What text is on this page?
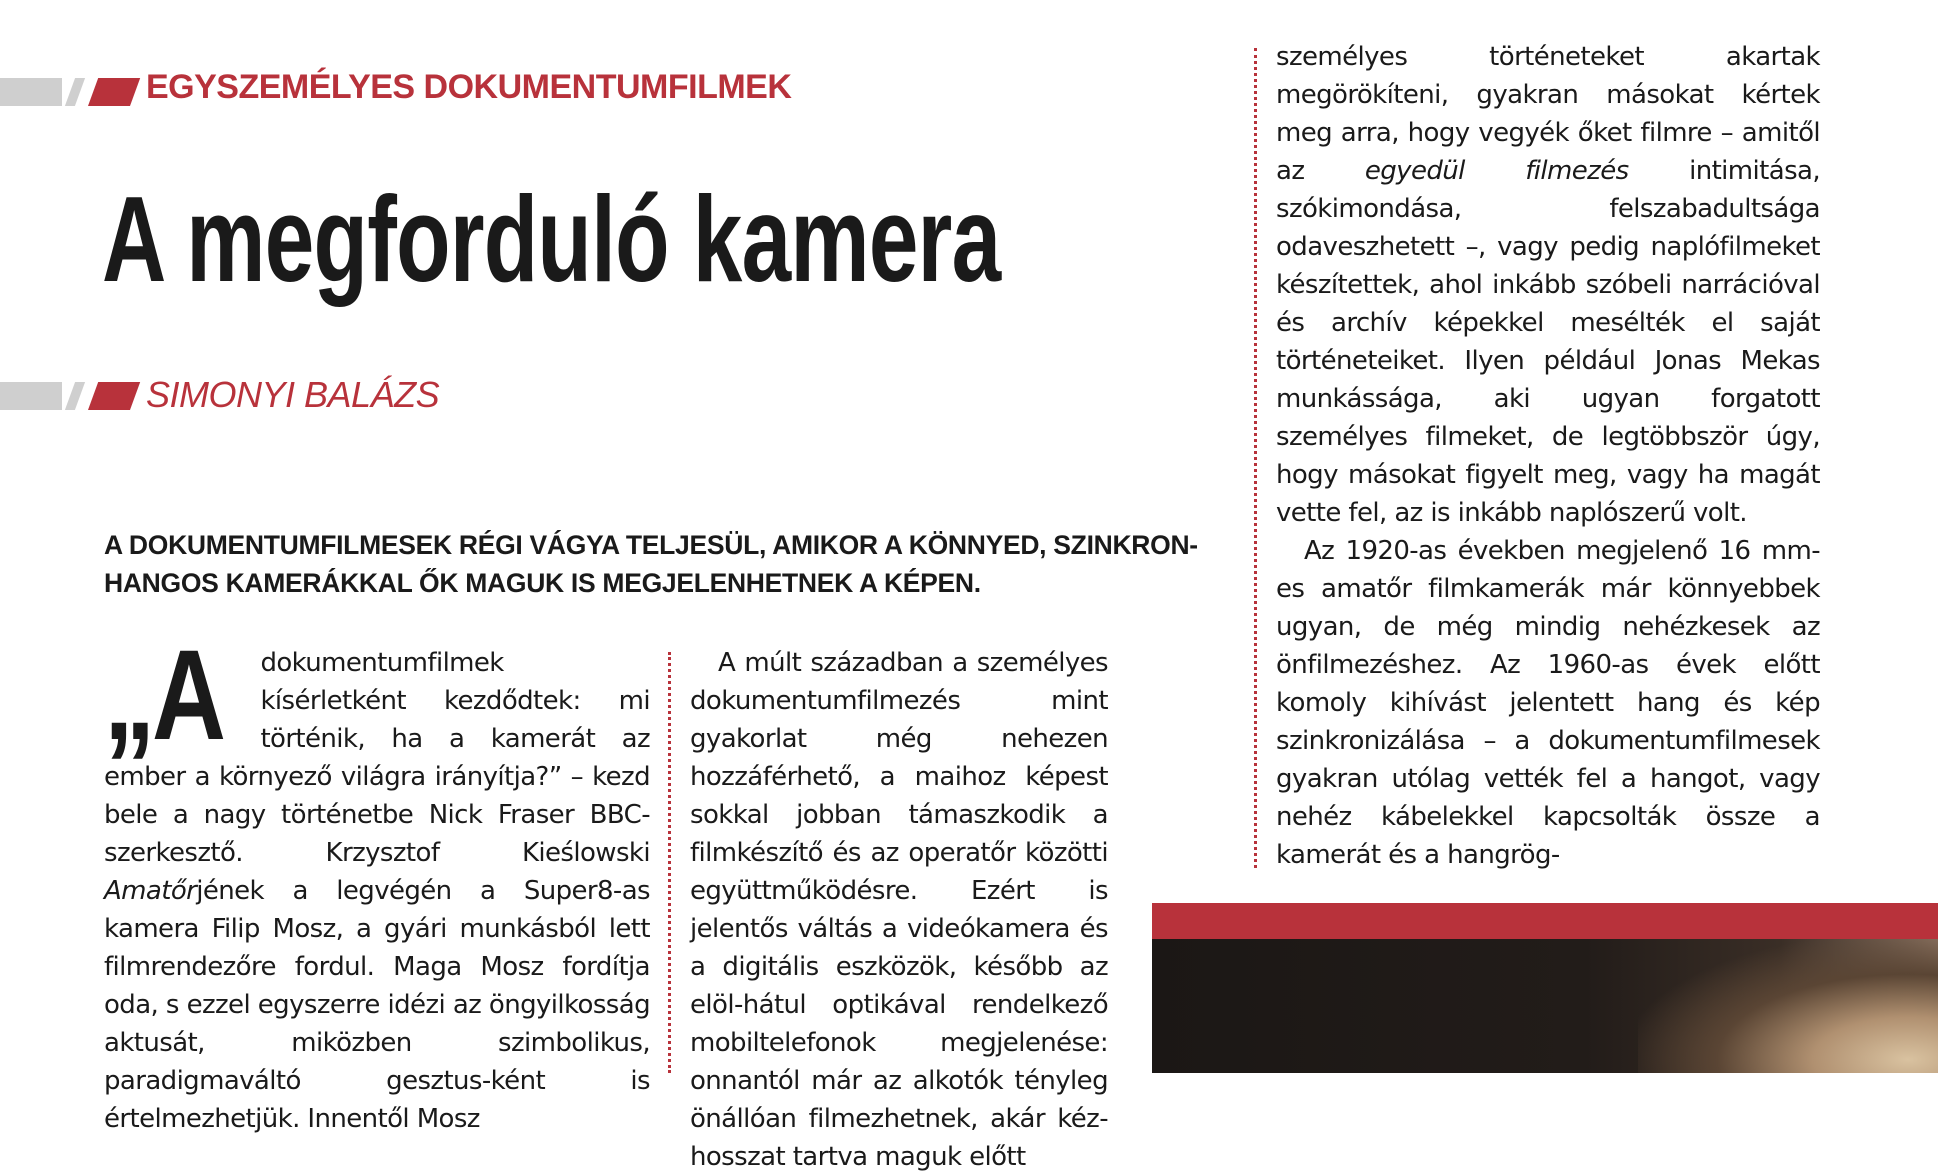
EGYSZEMÉLYES DOKUMENTUMFILMEK
A megforduló kamera
SIMONYI BALÁZS
A DOKUMENTUMFILMESEK RÉGI VÁGYA TELJESÜL, AMIKOR A KÖNNYED, SZINKRON-HANGOS KAMERÁKKAL ŐK MAGUK IS MEGJELENHETNEK A KÉPEN.

„A dokumentumfilmek kísérletként kezdődtek: mi történik, ha a kamerát az ember a környező világra irányítja?” – kezd bele a nagy történetbe Nick Fraser BBC-szerkesztő. Krzysztof Kieślowski Amatőrjének a legvégén a Super8-as kamera Filip Mosz, a gyári munkásból lett filmrendezőre fordul. Maga Mosz fordítja oda, s ezzel egyszerre idézi az öngyilkosság aktusát, miközben szimbolikus, paradigmaváltó gesztus-ként is értelmezhetjük. Innentől Mosz

A múlt században a személyes dokumentumfilmezés mint gyakorlat még nehezen hozzáférhető, a maihoz képest sokkal jobban támaszkodik a filmkészítő és az operatőr közötti együttműködésre. Ezért is jelentős váltás a videókamera és a digitális eszközök, később az elöl-hátul optikával rendelkező mobiltelefonok megjelenése: onnantól már az alkotók tényleg önállóan filmezhetnek, akár kéz-hosszat tartva maguk előtt

személyes történeteket akartak megörökíteni, gyakran másokat kértek meg arra, hogy vegyék őket filmre – amitől az egyedül filmezés intimitása, szókimondása, felszabadultsága odaveszhetett –, vagy pedig naplófilmeket készítettek, ahol inkább szóbeli narrációval és archív képekkel mesélték el saját történeteiket. Ilyen például Jonas Mekas munkássága, aki ugyan forgatott személyes filmeket, de legtöbbször úgy, hogy másokat figyelt meg, vagy ha magát vette fel, az is inkább naplószerű volt.

Az 1920-as években megjelenő 16 mm-es amatőr filmkamerák már könnyebbek ugyan, de még mindig nehézkesek az önfilmezéshez. Az 1960-as évek előtt komoly kihívást jelentett hang és kép szinkronizálása – a dokumentumfilmesek gyakran utólag vették fel a hangot, vagy nehéz kábelekkel kapcsolták össze a kamerát és a hangrög-
